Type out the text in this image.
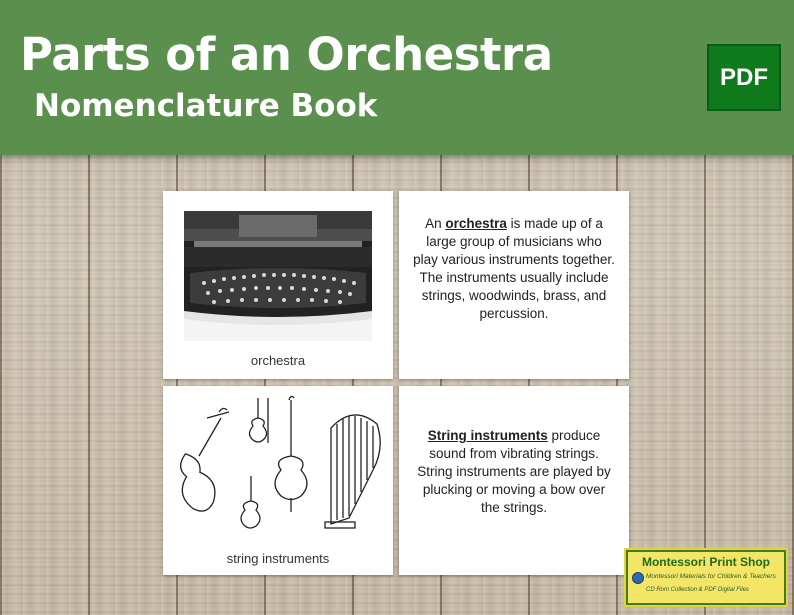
Parts of an Orchestra
Nomenclature Book
PDF
orchestra
An orchestra is made up of a large group of musicians who play various instruments together. The instruments usually include strings, woodwinds, brass, and percussion.
string instruments
String instruments produce sound from vibrating strings. String instruments are played by plucking or moving a bow over the strings.
Montessori Print Shop
Montessori Materials for Children & Teachers
CD Rom Collection & PDF Digital Files
